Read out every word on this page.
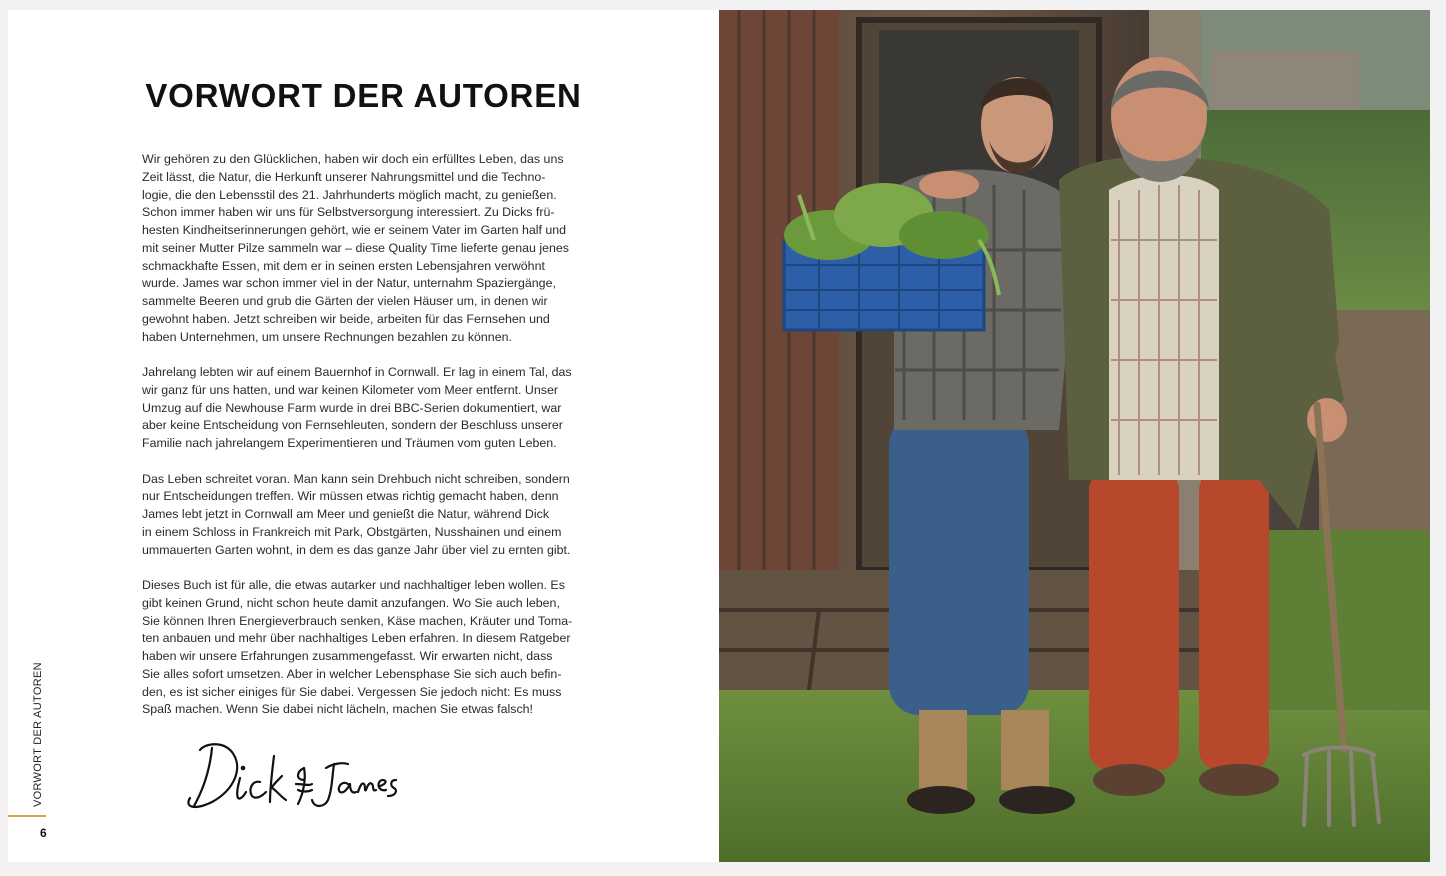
VORWORT DER AUTOREN

Wir gehören zu den Glücklichen, haben wir doch ein erfülltes Leben, das uns
Zeit lässt, die Natur, die Herkunft unserer Nahrungsmittel und die Techno-
logie, die den Lebensstil des 21. Jahrhunderts möglich macht, zu genießen.
Schon immer haben wir uns für Selbstversorgung interessiert. Zu Dicks frü-
hesten Kindheitserinnerungen gehört, wie er seinem Vater im Garten half und
mit seiner Mutter Pilze sammeln war – diese Quality Time lieferte genau jenes
schmackhafte Essen, mit dem er in seinen ersten Lebensjahren verwöhnt
wurde. James war schon immer viel in der Natur, unternahm Spaziergänge,
sammelte Beeren und grub die Gärten der vielen Häuser um, in denen wir
gewohnt haben. Jetzt schreiben wir beide, arbeiten für das Fernsehen und
haben Unternehmen, um unsere Rechnungen bezahlen zu können.

Jahrelang lebten wir auf einem Bauernhof in Cornwall. Er lag in einem Tal, das
wir ganz für uns hatten, und war keinen Kilometer vom Meer entfernt. Unser
Umzug auf die Newhouse Farm wurde in drei BBC-Serien dokumentiert, war
aber keine Entscheidung von Fernsehleuten, sondern der Beschluss unserer
Familie nach jahrelangem Experimentieren und Träumen vom guten Leben.

Das Leben schreitet voran. Man kann sein Drehbuch nicht schreiben, sondern
nur Entscheidungen treffen. Wir müssen etwas richtig gemacht haben, denn
James lebt jetzt in Cornwall am Meer und genießt die Natur, während Dick
in einem Schloss in Frankreich mit Park, Obstgärten, Nusshainen und einem
ummauerten Garten wohnt, in dem es das ganze Jahr über viel zu ernten gibt.

Dieses Buch ist für alle, die etwas autarker und nachhaltiger leben wollen. Es
gibt keinen Grund, nicht schon heute damit anzufangen. Wo Sie auch leben,
Sie können Ihren Energieverbrauch senken, Käse machen, Kräuter und Toma-
ten anbauen und mehr über nachhaltiges Leben erfahren. In diesem Ratgeber
haben wir unsere Erfahrungen zusammengefasst. Wir erwarten nicht, dass
Sie alles sofort umsetzen. Aber in welcher Lebensphase Sie sich auch befin-
den, es ist sicher einiges für Sie dabei. Vergessen Sie jedoch nicht: Es muss
Spaß machen. Wenn Sie dabei nicht lächeln, machen Sie etwas falsch!

VORWORT DER AUTOREN
6
